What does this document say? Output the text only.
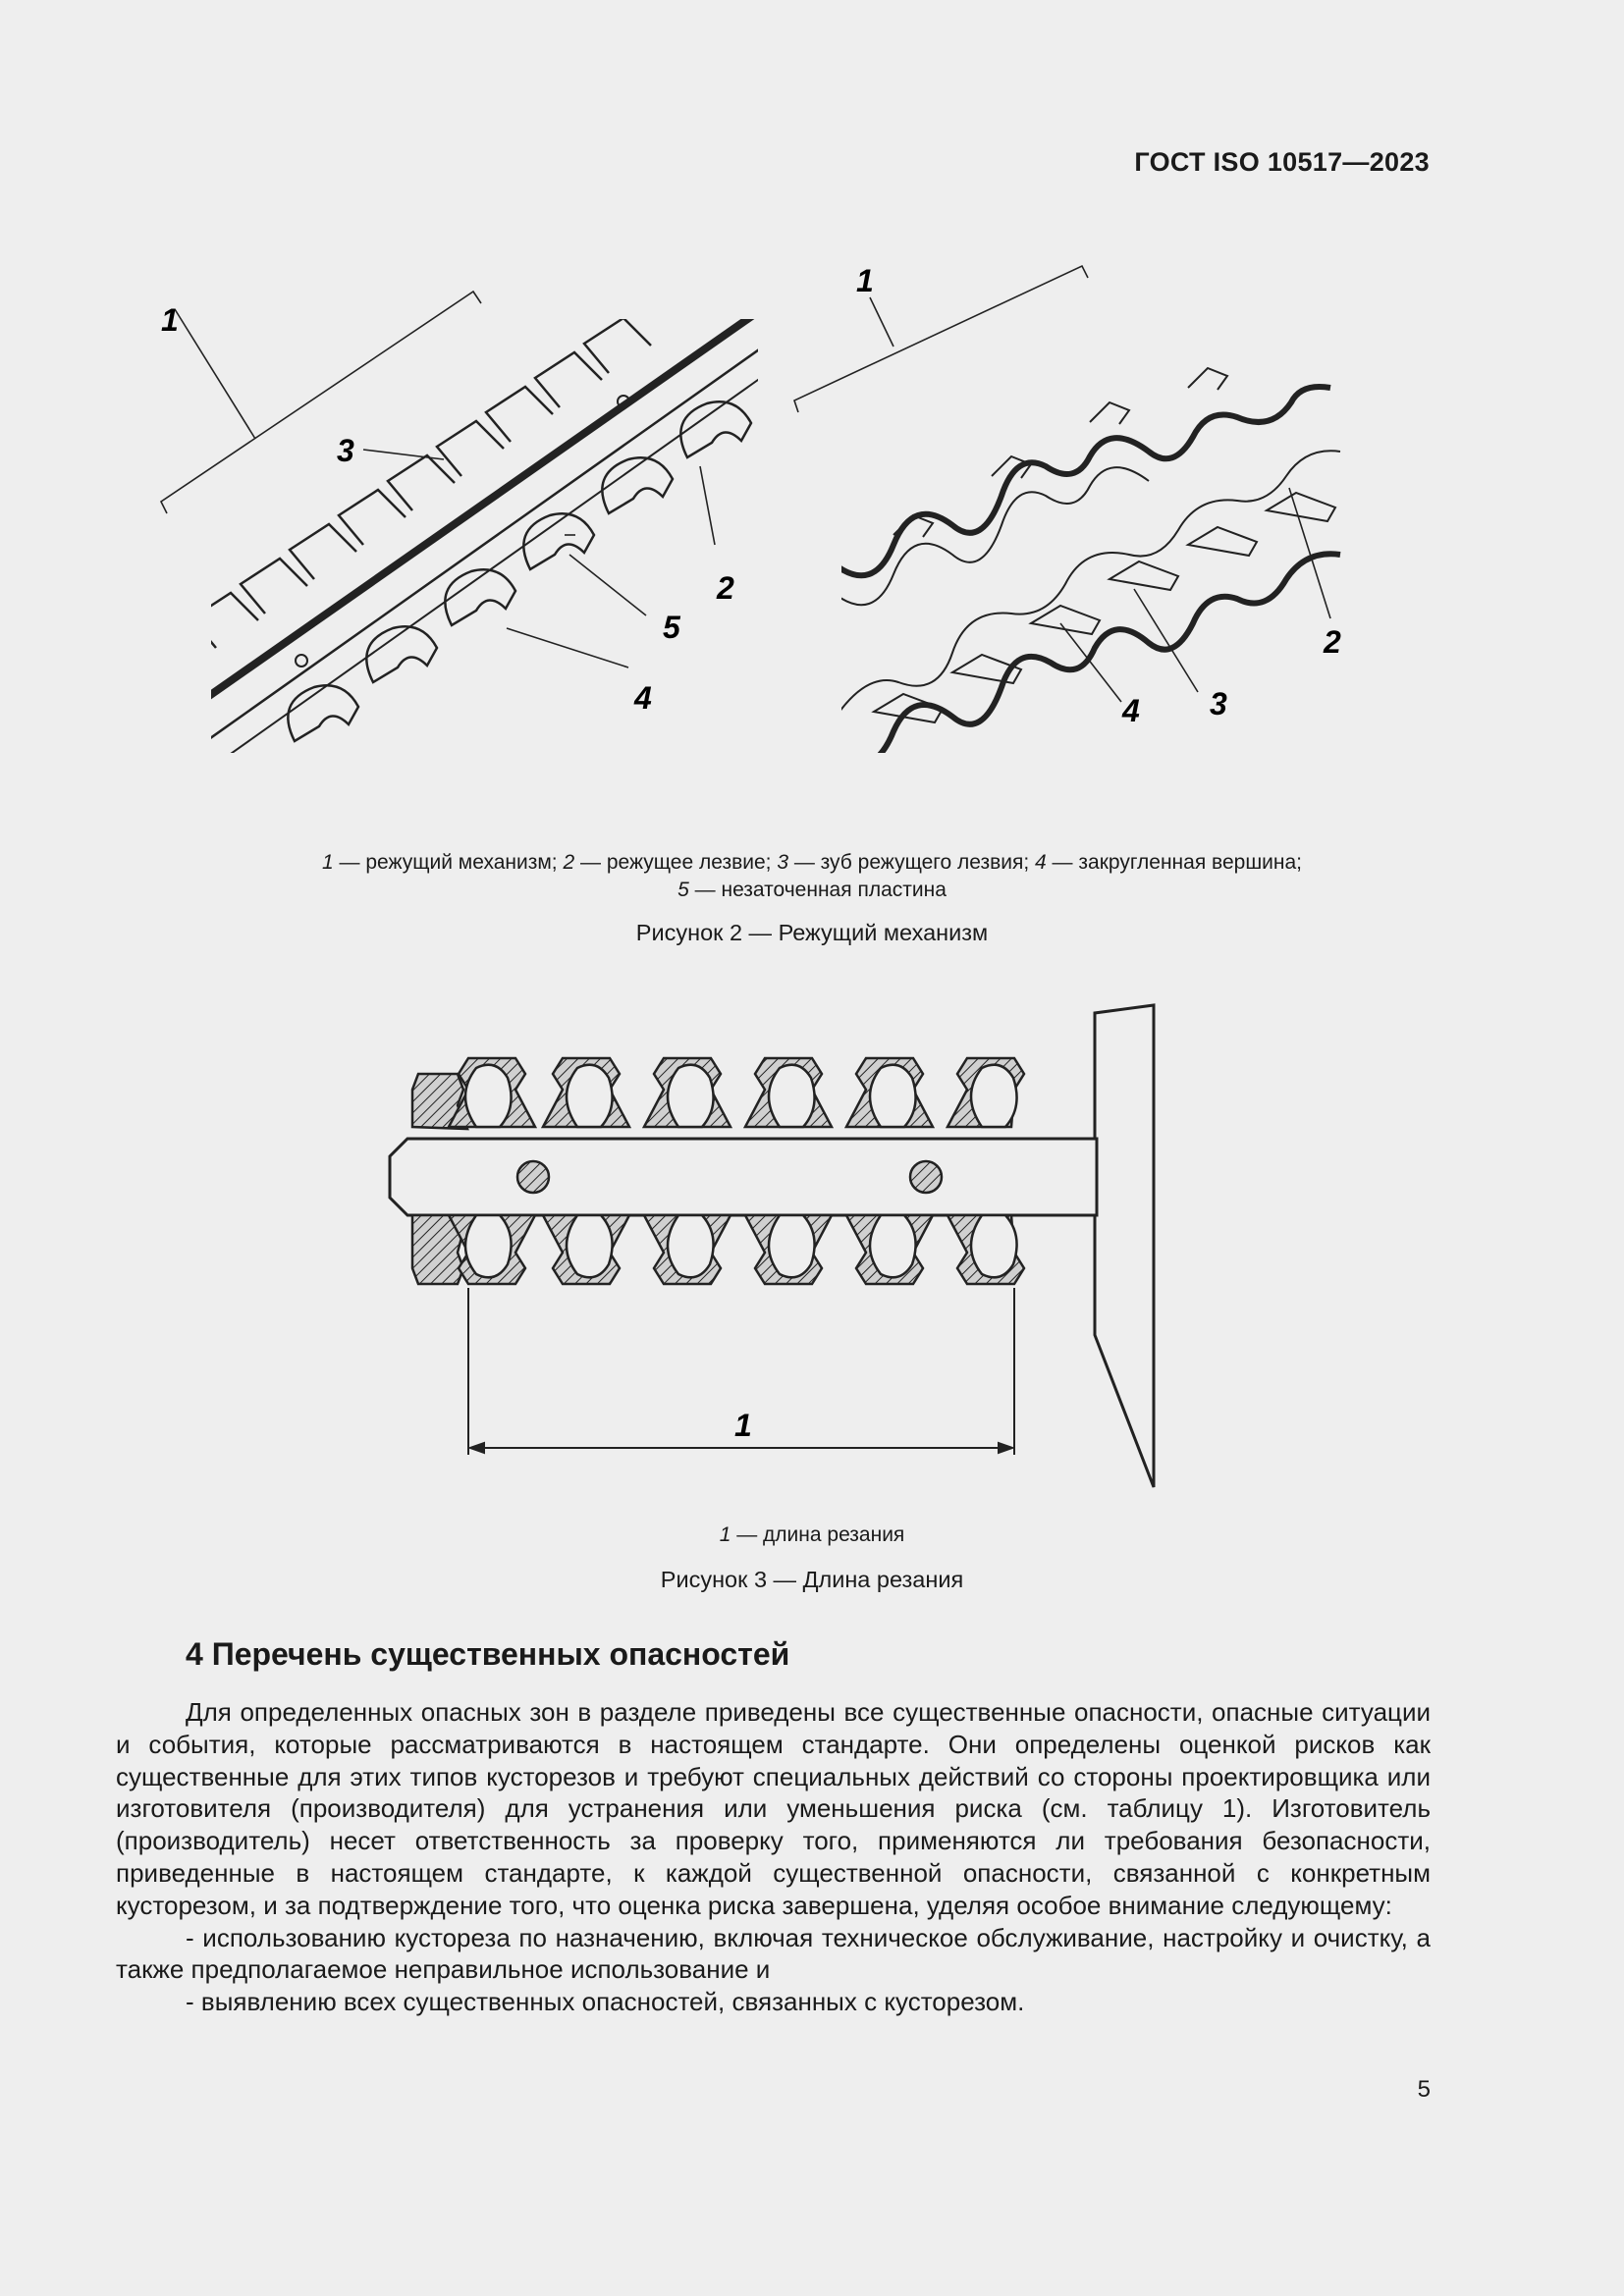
ГОСТ ISO 10517—2023
1
3
2
5
4
1
2
3
4
1 — режущий механизм; 2 — режущее лезвие; 3 — зуб режущего лезвия; 4 — закругленная вершина;
5 — незаточенная пластина
Рисунок 2 — Режущий механизм
1
1 — длина резания
Рисунок 3 — Длина резания
4 Перечень существенных опасностей

Для определенных опасных зон в разделе приведены все существенные опасности, опасные ситуации и события, которые рассматриваются в настоящем стандарте. Они определены оценкой рисков как существенные для этих типов кусторезов и требуют специальных действий со стороны проектировщика или изготовителя (производителя) для устранения или уменьшения риска (см. таблицу 1). Изготовитель (производитель) несет ответственность за проверку того, применяются ли требования безопасности, приведенные в настоящем стандарте, к каждой существенной опасности, связанной с конкретным кусторезом, и за подтверждение того, что оценка риска завершена, уделяя особое внимание следующему:

- использованию кустореза по назначению, включая техническое обслуживание, настройку и очистку, а также предполагаемое неправильное использование и

- выявлению всех существенных опасностей, связанных с кусторезом.

5
